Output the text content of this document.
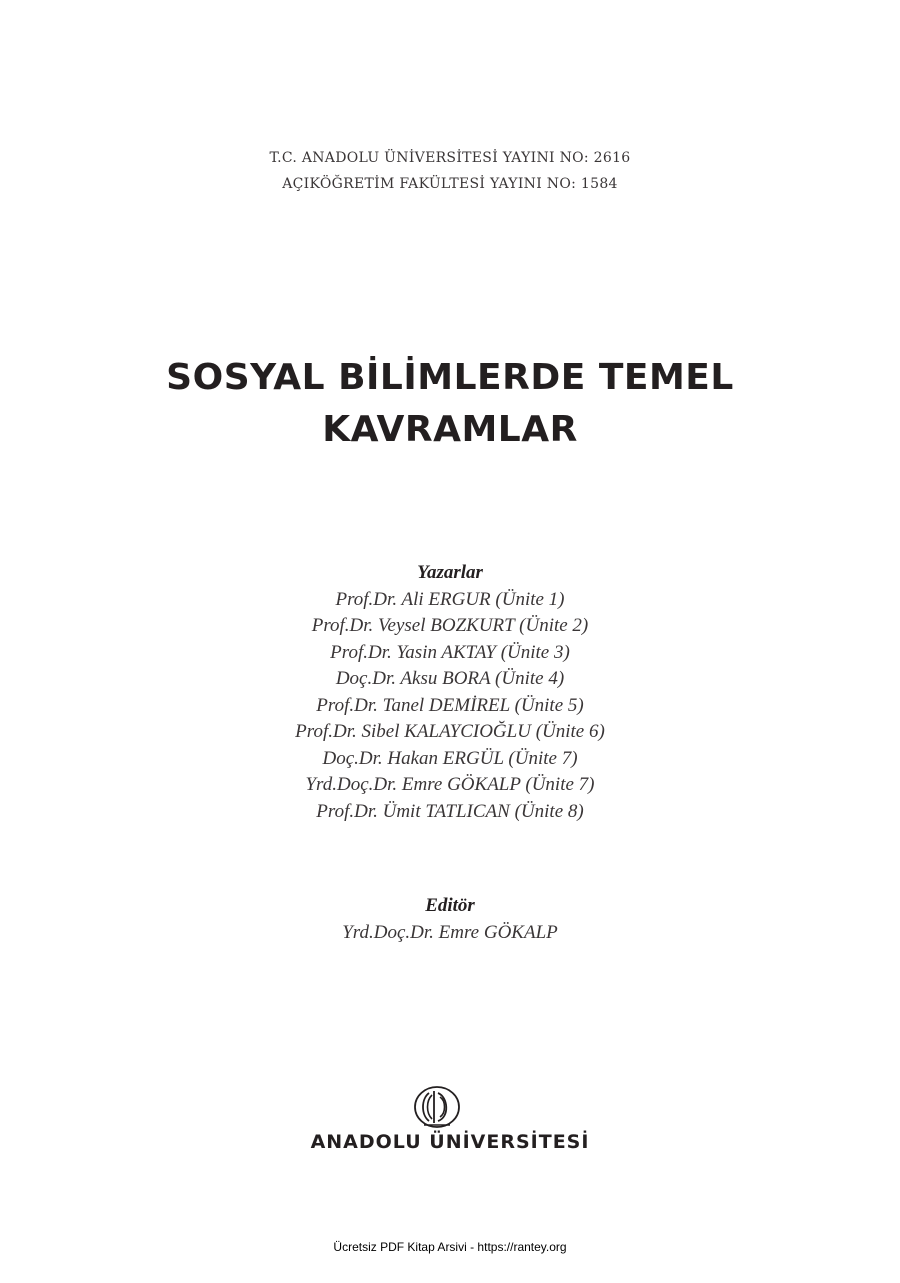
T.C. ANADOLU ÜNİVERSİTESİ YAYINI NO: 2616
AÇIKÖĞRETİM FAKÜLTESİ YAYINI NO: 1584
SOSYAL BİLİMLERDE TEMEL
KAVRAMLAR
Yazarlar
Prof.Dr. Ali ERGUR (Ünite 1)
Prof.Dr. Veysel BOZKURT (Ünite 2)
Prof.Dr. Yasin AKTAY (Ünite 3)
Doç.Dr. Aksu BORA (Ünite 4)
Prof.Dr. Tanel DEMİREL (Ünite 5)
Prof.Dr. Sibel KALAYCIOĞLU (Ünite 6)
Doç.Dr. Hakan ERGÜL (Ünite 7)
Yrd.Doç.Dr. Emre GÖKALP (Ünite 7)
Prof.Dr. Ümit TATLICAN (Ünite 8)
Editör
Yrd.Doç.Dr. Emre GÖKALP
ANADOLU ÜNİVERSİTESİ
Ücretsiz PDF Kitap Arsivi - https://rantey.org
